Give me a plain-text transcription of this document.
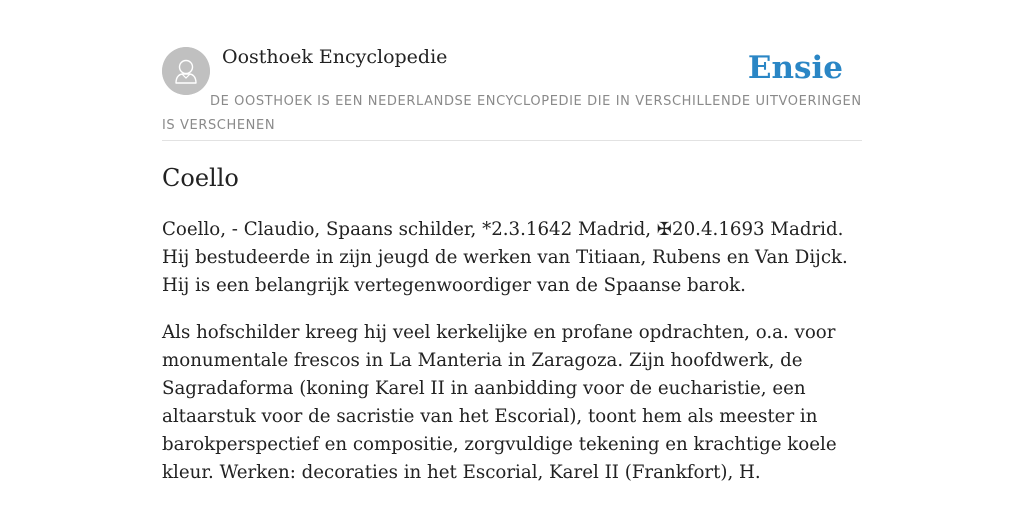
Oosthoek Encyclopedie	Ensie

DE OOSTHOEK IS EEN NEDERLANDSE ENCYCLOPEDIE DIE IN VERSCHILLENDE UITVOERINGEN IS VERSCHENEN

Coello

Coello, - Claudio, Spaans schilder, *2.3.1642 Madrid, ✠20.4.1693 Madrid. Hij bestudeerde in zijn jeugd de werken van Titiaan, Rubens en Van Dijck. Hij is een belangrijk vertegenwoordiger van de Spaanse barok.

Als hofschilder kreeg hij veel kerkelijke en profane opdrachten, o.a. voor monumentale frescos in La Manteria in Zaragoza. Zijn hoofdwerk, de Sagradaforma (koning Karel II in aanbidding voor de eucharistie, een altaarstuk voor de sacristie van het Escorial), toont hem als meester in barokperspectief en compositie, zorgvuldige tekening en krachtige koele kleur. Werken: decoraties in het Escorial, Karel II (Frankfort), H.
